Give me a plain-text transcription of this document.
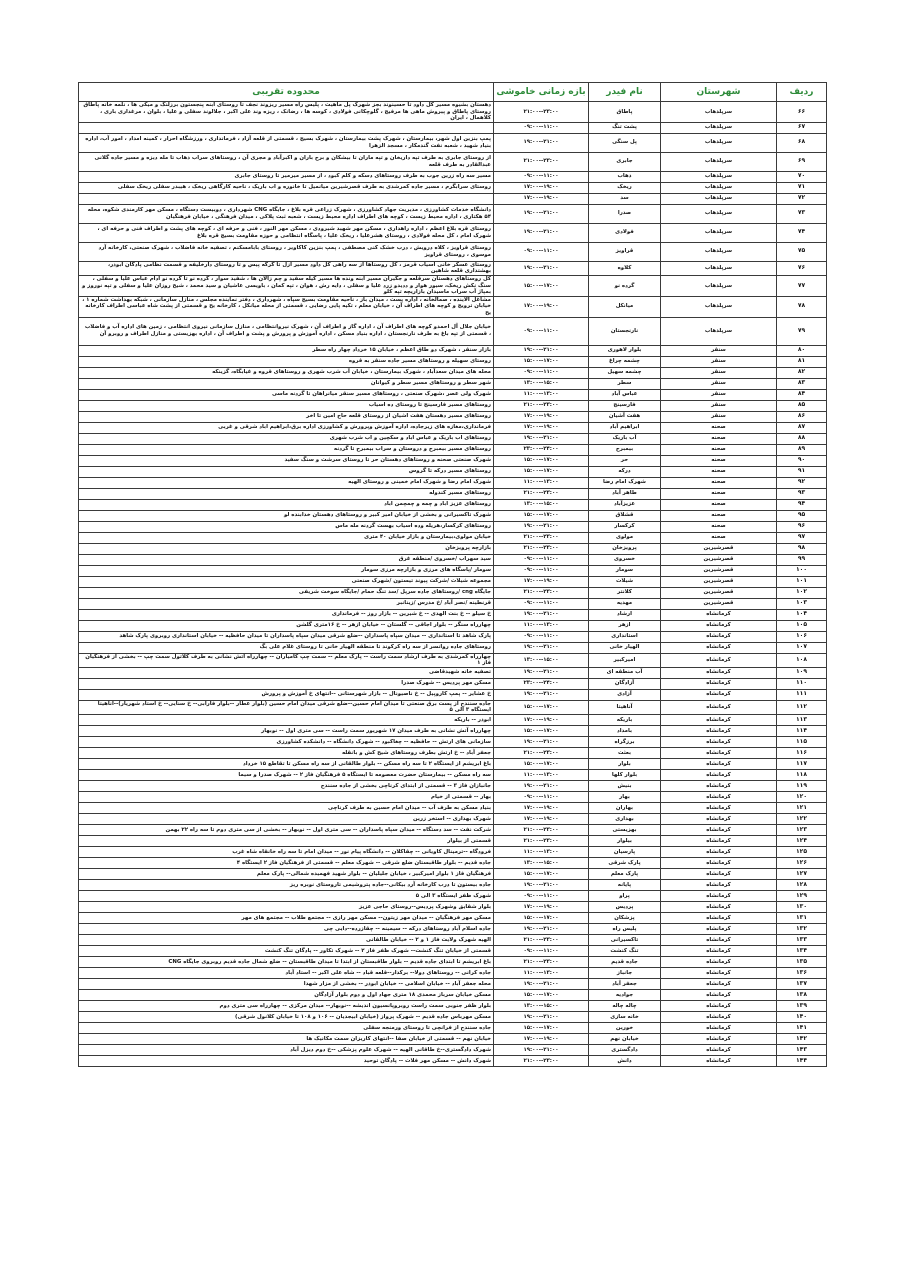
ردیف	شهرستان	نام فیدر	بازه زمانی خاموشی	محدوده تقریبی
۶۶	سرپلذهاب	پاطاق	۲۱:۰۰--۲۳:۰۰	دهستان بشیوه مسیر کل داود تا حسینوند بجز شهرک پل ماهیت ، پلیس راه مسیر ریزوند نجف تا روستای آبنه پنجستون برزلنگ و میکی ها ، نلمه خانه پاطاق روستای پاطاق و پیروش ماهی ها مرفیج ، گلوچکانی فولادی ، کوسه ها ، رضانک ، ریزه وند علی اکبر ، جلالوند سفلی و علیا ، بلوان ، مرغداری باری ، کلاهمال ، ایران
۶۷	سرپلذهاب	پشت تنگ	۰۹:۰۰--۱۱:۰۰	
۶۸	سرپلذهاب	پل سنگی	۱۹:۰۰--۲۱:۰۰	پمپ بنزین اول شهر، بیمارستان ، شهرک پشت بیمارستان ، شهرک بسیج ، قسمتی از قلعه آزاد ، فرمانداری ، ورزشگاه احرار ، کمینه امداد ، امور آب، اداره بنیاد شهید ، شعبه نفت گندمکار ، مسجد الزهرا
۶۹	سرپلذهاب	جابری	۲۱:۰۰--۲۳:۰۰	از روستای جابری به طرف تپه داریخان و تپه ماران تا بیشکان و برج باران و اکبرآباد و مجری آن ، روستاهای سراب ذهاب تا مله دیزه و مسیر جاده گلانی عبدالقادر به طرف قلعه
۷۰	سرپلذهاب	ذهاب	۰۹:۰۰--۱۱:۰۰	مسیر سه راه زرین جوب به طرف روستاهای دسکه و کلم کبود ، از مسیر میرمیر تا روستای جابری
۷۱	سرپلذهاب	ریخک	۱۷:۰۰--۱۹:۰۰	روستای سرابگرم ، مسیر جاده کمرشدی به طرف قصرشیرین میانمیل تا خانوره و اب باریک ، ناحیه کارگاهی ریخک ، هیبدر سفلی ریخک سفلی
۷۲	سرپلذهاب	سد	۱۷:۰۰--۱۹:۰۰	
۷۳	سرپلذهاب	صدرا	۱۹:۰۰--۲۱:۰۰	دانشگاه خدمات کشاورزی ، مدیریت جهاد کشاورزی ، شهرک زراعی قره بلاغ ، جایگاه CNG شهرداری ، دوبیست دستگاه ، مسکن مهر کارمندی شکوه، محله ۵۴ هکتاری ، اداره محیط زیست ، کوچه های اطراف اداره محیط زیست ، شعبه ثبت پلاکی ، میدان فرهنگی ، خیابان فرهنگیان
۷۴	سرپلذهاب	فولادی	۱۹:۰۰--۲۱:۰۰	روستای قره بلاغ اعظم ، اداره راهداری ، مسکن مهر شهید شیرودی ، مسکن مهر النور ، فنی و حرفه ای ، کوچه های پشت و اطراف فنی و حرفه ای ، شهرک امام ، کل محله فولادی ، روستای هشرعلیا ، ریخک علیا ، پاسگاه انتظامی و حوزه مقاومت بسیج قره بلاغ
۷۵	سرپلذهاب	قراویز	۰۹:۰۰--۱۱:۰۰	روستای قراویز ، کلاه درویش ، درب خشک کنی مصطفی ، پمپ بنزین کاکاویر ، روستای بابامسکنم ، تصفیه خانه فاضلاب ، شهرک صنعتی، کارخانه آرد موسوی ، روستای قراویز
۷۶	سرپلذهاب	کلاوه	۱۹:۰۰--۲۱:۰۰	روستای عسکر خانی آسیاب قرمز ، کل روستاها از سه راهی کل داود مسیر ازل تا گرگه پیس و تا روستای دارخلیفه و قسمت نظامی پادگان ابوذر، بهشتداری قلعه شاهین
۷۷	سرپلذهاب	گرده نو	۱۵:۰۰--۱۷:۰۰	کل روستاهای دهستان سرقلعه و جگیران مسیر آبنه ونده ها مسیر کیله سفید و چم زالان ها ، شفید سوار ، گرده نو تا گرده نو آدام عباس علیا و سفلی ، سنگ نکش ریخک، سیور هوار و ددیدو زرد علیا و سفلی ، دایه رش ، هوان ، تپه کمان ، باویسی عاشیان و سید محمد ، شیخ روزان علیا و سفلی و تپه نوروز و بمپاژ آب سراب ماسیدان بازاریچه تپه کلو
۷۸	سرپلذهاب	میانکل	۱۷:۰۰--۱۹:۰۰	مشاغل آلاینده ، صمالخانه ، اداره پست ، میدان باز ، ناحیه مقاومت بسیج سپاه ، شهرداری ، دفتر نماینده مجلس ، منازل سازمانی ، شبکه بهداشت شماره ۱ ، خیابان ترویج و کوچه های اطراف آن ، خیابان معلم ، تکیه پایی رضایی ، قسمتی از محله میانکل ، کارخانه یخ و قسمتی از پشت شاه عباسی اطراف کارخانه یخ
۷۹	سرپلذهاب	نارنجستان	۰۹:۰۰--۱۱:۰۰	خیابان جلال آل احمدو کوچه های اطراف آن ، اداره گاز و اطراف آن ، شهرک نیروانتظامی ، منازل سازمانی نیروی انتظامی ، زمین های اداره آب و فاضلاب ، قسمتی از تپه باغ به طرف نارنجستان ، اداره بنیاد مسکن ، اداره آموزش و پرورش و پشت و اطراف آن ، اداره بهزیستی و منازل اطراف و روبرو آن
۸۰	سنقر	بلوار لاهوری	۱۹:۰۰--۲۱:۰۰	بازار سنقر ، شهرک دو طاق اعظم ، خیابان ۱۵ خرداد چهار راه سطر
۸۱	سنقر	چشمه چراغ	۱۵:۰۰--۱۷:۰۰	روستای سهیله و روستاهای مسیر جاده سنقر به قروه
۸۲	سنقر	چشمه سهیل	۰۹:۰۰--۱۱:۰۰	محله های میدان سعدآباد ، شهرک بیمارستان ، خیابان آب شرب شهری و روستاهای قروه و غیابگاه، گزینکه
۸۳	سنقر	سطر	۱۳:۰۰--۱۵:۰۰	شهر سطر و روستاهای مسیر سطر و کیوانان
۸۴	سنقر	عباس آباد	۱۱:۰۰--۱۳:۰۰	شهرک ولی عصر ،شهرک صنعتی ، روستاهای مسیر سنقر میانراهان تا گردنه ماسی
۸۵	سنقر	فارسینج	۲۱:۰۰--۲۳:۰۰	روستاهای مسیر فارسینج تا روستای ده اسیاب
۸۶	سنقر	هفت آشیان	۱۷:۰۰--۱۹:۰۰	روستاهای مسیر دهستان هفت اشیان از روستای قلعه حاج امین تا اخر
۸۷	صحنه	ابراهیم آباد	۱۷:۰۰--۱۹:۰۰	فرمانداری،مغازه های زیرجاده، اداره آموزش وپرورش و کشاورزی اداره برق،ابراهیم اباد شرقی و غربی
۸۸	صحنه	آب باریک	۱۹:۰۰--۲۱:۰۰	روستاهای اب باریک و عباس اباد و سکچین و اب شرب شهری
۸۹	صحنه	بیمبرج	۲۳:۰۰--۲۴:۰۰	روستاهای مسیر بیمبرج و دروستان و سراب بیمبرج تا گردنه
۹۰	صحنه	حر	۱۵:۰۰--۱۷:۰۰	شهرک صنعتی صحنه و روستاهای دهستان حر تا روستای سرشت و سنگ سفید
۹۱	صحنه	درکه	۱۵:۰۰--۱۷:۰۰	روستاهای مسیر درکه تا گروس
۹۲	صحنه	شهرک امام رضا	۱۱:۰۰--۱۳:۰۰	شهرک امام رضا و شهرک امام خمینی و روستای الهیه
۹۳	صحنه	طاهر آباد	۲۱:۰۰--۲۳:۰۰	روستاهای مسیر کندوله
۹۴	صحنه	عزیزآباد	۱۳:۰۰--۱۵:۰۰	روستاهای عزیز اباد و چمه و چمچمن اباد
۹۵	صحنه	قشلاق	۱۵:۰۰--۱۷:۰۰	شهرک تاکسیرانی و بخشی از خیابان امیر کبیر و روستاهای دهستان خدابنده لو
۹۶	صحنه	کرکسار	۱۹:۰۰--۲۱:۰۰	روستاهای کرکسار،هریله وده اسیاب بهست گردنه مله ماس
۹۷	صحنه	مولوی	۲۱:۰۰--۲۳:۰۰	خیابان مولوی،بیمارستان و بازار خیابان ۴۰ متری
۹۸	قصرشیرین	پرویزخان	۲۱:۰۰--۲۳:۰۰	بازارچه پرویزخان
۹۹	قصرشیرین	خسروی	۰۹:۰۰--۱۱:۰۰	سید سهراب /خسروی /منطقه غرق
۱۰۰	قصرشیرین	سومار	۰۹:۰۰--۱۱:۰۰	سومار /پاسگاه های مرزی و بازارچه مرزی سومار
۱۰۱	قصرشیرین	شیلات	۱۷:۰۰--۱۹:۰۰	مجموعه شیلات /شرکت پیوند تیستون /شهرک صنعتی
۱۰۲	قصرشیرین	کلانتر	۲۱:۰۰--۲۳:۰۰	جایگاه cng /روستاهای جاده سرپل /سد تنگ حمام /جایگاه سوخت شریفی
۱۰۳	قصرشیرین	مهدیه	۰۹:۰۰--۱۱:۰۰	قرنطینه /نصر آباد /خ مدرس /زینانبر
۱۰۴	کرمانشاه	ارشاد	۱۹:۰۰--۲۱:۰۰	خ سیلو -- خ بنت الهدی -- خ شیرین -- بازار روز -- فرمانداری
۱۰۵	کرمانشاه	ازهر	۱۱:۰۰--۱۳:۰۰	چهارراه سنگر -- بلوار اجاقی -- گلستان -- خیابان ازهر -- خ ۱۶متری گلشن
۱۰۶	کرمانشاه	استانداری	۰۹:۰۰--۱۱:۰۰	پارک شاهد تا استانداری -- میدان سپاه پاسداران --ضلع شرقی میدان سپاه پاسداران تا میدان حافظیه -- خیابان استانداری روبروی پارک شاهد
۱۰۷	کرمانشاه	الهیار خانی	۱۹:۰۰--۲۱:۰۰	روستاهای جاده روانسر از سه راه کرکوند تا منطقه الهیار خانی تا روستای غلام علی بگ
۱۰۸	کرمانشاه	امیرکبیر	۱۳:۰۰--۱۵:۰۰	چهارراه کمرشدی به طرف ارشاد سمت راست -- پارک معلم -- سمت چپ کامیاران -- چهارراه آتش نشانی به طرف کلاتول سمت چپ -- بخشی از فرهنگیان فاز ۱
۱۰۹	کرمانشاه	آب منطقه ای	۱۹:۰۰--۲۱:۰۰	تصفیه خانه شهیدقاضی
۱۱۰	کرمانشاه	آزادگان	۲۳:۰۰--۲۴:۰۰	مسکن مهر پردیس -- شهرک صدرا
۱۱۱	کرمانشاه	آزادی	۱۹:۰۰--۲۱:۰۰	خ عشایر -- پمپ کاروپیل -- خ ناصیونال -- بازار شهرستانی --انتهای خ آموزش و پرورش
۱۱۲	کرمانشاه	آناهیتا	۱۵:۰۰--۱۷:۰۰	جاده سنندج از پست برق صنعتی تا میدان امام حسین--ضلع شرقی میدان امام حسین (بلوار عطار --بلوار فارابی-- خ سنایی-- خ استاد شهریار)--آناهیتا ایستگاه ۳ الی ۵
۱۱۳	کرمانشاه	باریکه	۱۷:۰۰--۱۹:۰۰	ابوذر -- باریکه
۱۱۴	کرمانشاه	بامداد	۱۵:۰۰--۱۷:۰۰	چهارراه آتش نشانی به طرف میدان ۱۷ شهریور سمت راست -- سی متری اول -- نوبهار
۱۱۵	کرمانشاه	برزگراه	۱۹:۰۰--۲۱:۰۰	سازمانی های ارتش -- حافظیه -- چغاکبود -- شهرک دانشگاه -- دانشکده کشاورزی
۱۱۶	کرمانشاه	بعثت	۲۱:۰۰--۲۳:۰۰	جعفر آباد -- خ ارتش بطرف روستاهای شیخ کش و بانقله
۱۱۷	کرمانشاه	بلوار	۱۵:۰۰--۱۷:۰۰	باغ ابریشم از ایستگاه ۲ تا سه راه مسکن -- بلوار طالقانی از سه راه مسکن تا تقاطع ۱۵ خرداد
۱۱۸	کرمانشاه	بلوار کلها	۱۱:۰۰--۱۳:۰۰	سه راه مسکن -- بیمارستان حضرت معصومه تا ایستگاه ۵ فرهنگیان فاز ۲ -- شهرک صدرا و سیما
۱۱۹	کرمانشاه	بنیش	۱۹:۰۰--۲۱:۰۰	جانبازان فاز ۳ -- قسمتی از ابتدای کرناچی بخشی از جاده سنندج
۱۲۰	کرمانشاه	بهار	۰۹:۰۰--۱۱:۰۰	بهار -- قسمتی از خیام
۱۲۱	کرمانشاه	بهاران	۱۷:۰۰--۱۹:۰۰	بنیاد مسکن به طرف آب -- میدان امام حسین به طرف کرناچی
۱۲۲	کرمانشاه	بهداری	۱۷:۰۰--۱۹:۰۰	شهرک بهداری -- استخر زرین
۱۲۳	کرمانشاه	بهزیستی	۲۱:۰۰--۲۳:۰۰	شرکت نفت -- سد دستگاه -- میدان سپاه پاسداران -- سی متری اول -- نوبهار -- بخشی از سی متری دوم تا سه راه ۲۲ بهمن
۱۲۴	کرمانشاه	بیلوار	۲۱:۰۰--۲۳:۰۰	قسمتی از بیلوار
۱۲۵	کرمانشاه	پارسیان	۱۱:۰۰--۱۳:۰۰	فرودگاه --ترمینال کاویانی -- چقاکلان -- دانشگاه پیام نور -- میدان امام تا سه راه خانقاه شاه غرب
۱۲۶	کرمانشاه	پارک شرقی	۱۳:۰۰--۱۵:۰۰	جاده قدیم -- بلوار طاقبستان ضلع شرقی -- شهرک معلم -- قسمتی از فرهنگیان فاز ۲ ایستگاه ۴
۱۲۷	کرمانشاه	پارک معلم	۱۵:۰۰--۱۷:۰۰	فرهنگیان فاز ۱ بلوار امیرکبیر ، خیابان جلیلیان -- بلوار شهید فهمیده شمالی-- پارک معلم
۱۲۸	کرمانشاه	پایانه	۱۹:۰۰--۲۱:۰۰	جاده بیستون تا درب کارخانه آرد بیکانی--جاده پتروشیمی تاروستای نوبره ریز
۱۲۹	کرمانشاه	پراو	۰۹:۰۰--۱۱:۰۰	شهرک ظفر ایستگاه ۳ الی ۵
۱۳۰	کرمانشاه	پردیس	۱۷:۰۰--۱۹:۰۰	بلوار شقایق وشهرک پردیس--روستای حاجی عزیز
۱۳۱	کرمانشاه	پزشکان	۱۵:۰۰--۱۷:۰۰	مسکن مهر فرهنگیان -- میدان مهر زیتون-- مسکن مهر رازی -- مجتمع طلاب -- مجتمع های مهر
۱۳۲	کرمانشاه	پلیس راه	۱۹:۰۰--۲۱:۰۰	جاده اسلام آباد روستاهای درکه -- سیمینه -- چقازرده--دایی چی
۱۳۳	کرمانشاه	تاکسیرانی	۲۱:۰۰--۲۳:۰۰	الهیه شهرک ولایت فاز ۱ و ۲ -- خیابان طالقانی
۱۳۴	کرمانشاه	تنگ کنشت	۰۹:۰۰--۱۱:۰۰	قسمتی از خیابان تنگ کنشت-- شهرک ظفر فاز ۲ -- شهرک تکاور -- پادگان تنگ کنشت
۱۳۵	کرمانشاه	جاده قدیم	۲۱:۰۰--۲۳:۰۰	باغ ابریشم تا ابتدای جاده قدیم -- بلوار طاقبستان از ابتدا تا میدان طاقبستان -- ضلع شمال جاده قدیم روبروی جایگاه CNG
۱۳۶	کرمانشاه	جانباز	۱۱:۰۰--۱۳:۰۰	جاده کرانی -- روستاهای دولا-- برکدار--قلعه قباد -- شاه علی اکبر -- استاد آباد
۱۳۷	کرمانشاه	جعفر آباد	۱۹:۰۰--۲۱:۰۰	محله جعفر آباد -- خیابان اسلامی -- خیابان ابوذر -- بخشی از مزار شهدا
۱۳۸	کرمانشاه	جوادیه	۱۵:۰۰--۱۷:۰۰	مسکن خیابان سرباز محمدی ۱۸ متری جهاد اول و دوم بلوار آزادگان
۱۳۹	کرمانشاه	چاله چاله	۱۳:۰۰--۱۵:۰۰	بلوار ظفر جنوبی سمت راست روبروپانسیون اندیشه --نوبهار-- میدان مرکزی -- چهارراه سی متری دوم
۱۴۰	کرمانشاه	خانه سازی	۱۹:۰۰--۲۱:۰۰	مسکن مهرباس جاده قدیم -- شهرک پرواز (خیابان ابیجدیان -- ۱۰۶ و ۱۰۸ تا خیابان کلانول شرقی)
۱۴۱	کرمانشاه	خورین	۱۵:۰۰--۱۷:۰۰	جاده سنندج از فرانچی تا روستای ورمنجه سفلی
۱۴۲	کرمانشاه	خیابان نهم	۱۷:۰۰--۱۹:۰۰	خیابان نهم -- قسمتی از خیابان صفا --انتهای کاریزان سمت مکانیک ها
۱۴۳	کرمانشاه	دادگستری	۱۹:۰۰--۲۱:۰۰	شهرک دادگستری--خ طاقانی الهیه -- شهرک علوم پزشکی --خ دوم دیزل آباد
۱۴۴	کرمانشاه	دانش	۲۱:۰۰--۲۳:۰۰	شهرک دانش -- مسکن مهر فلات -- پادگان توحید
